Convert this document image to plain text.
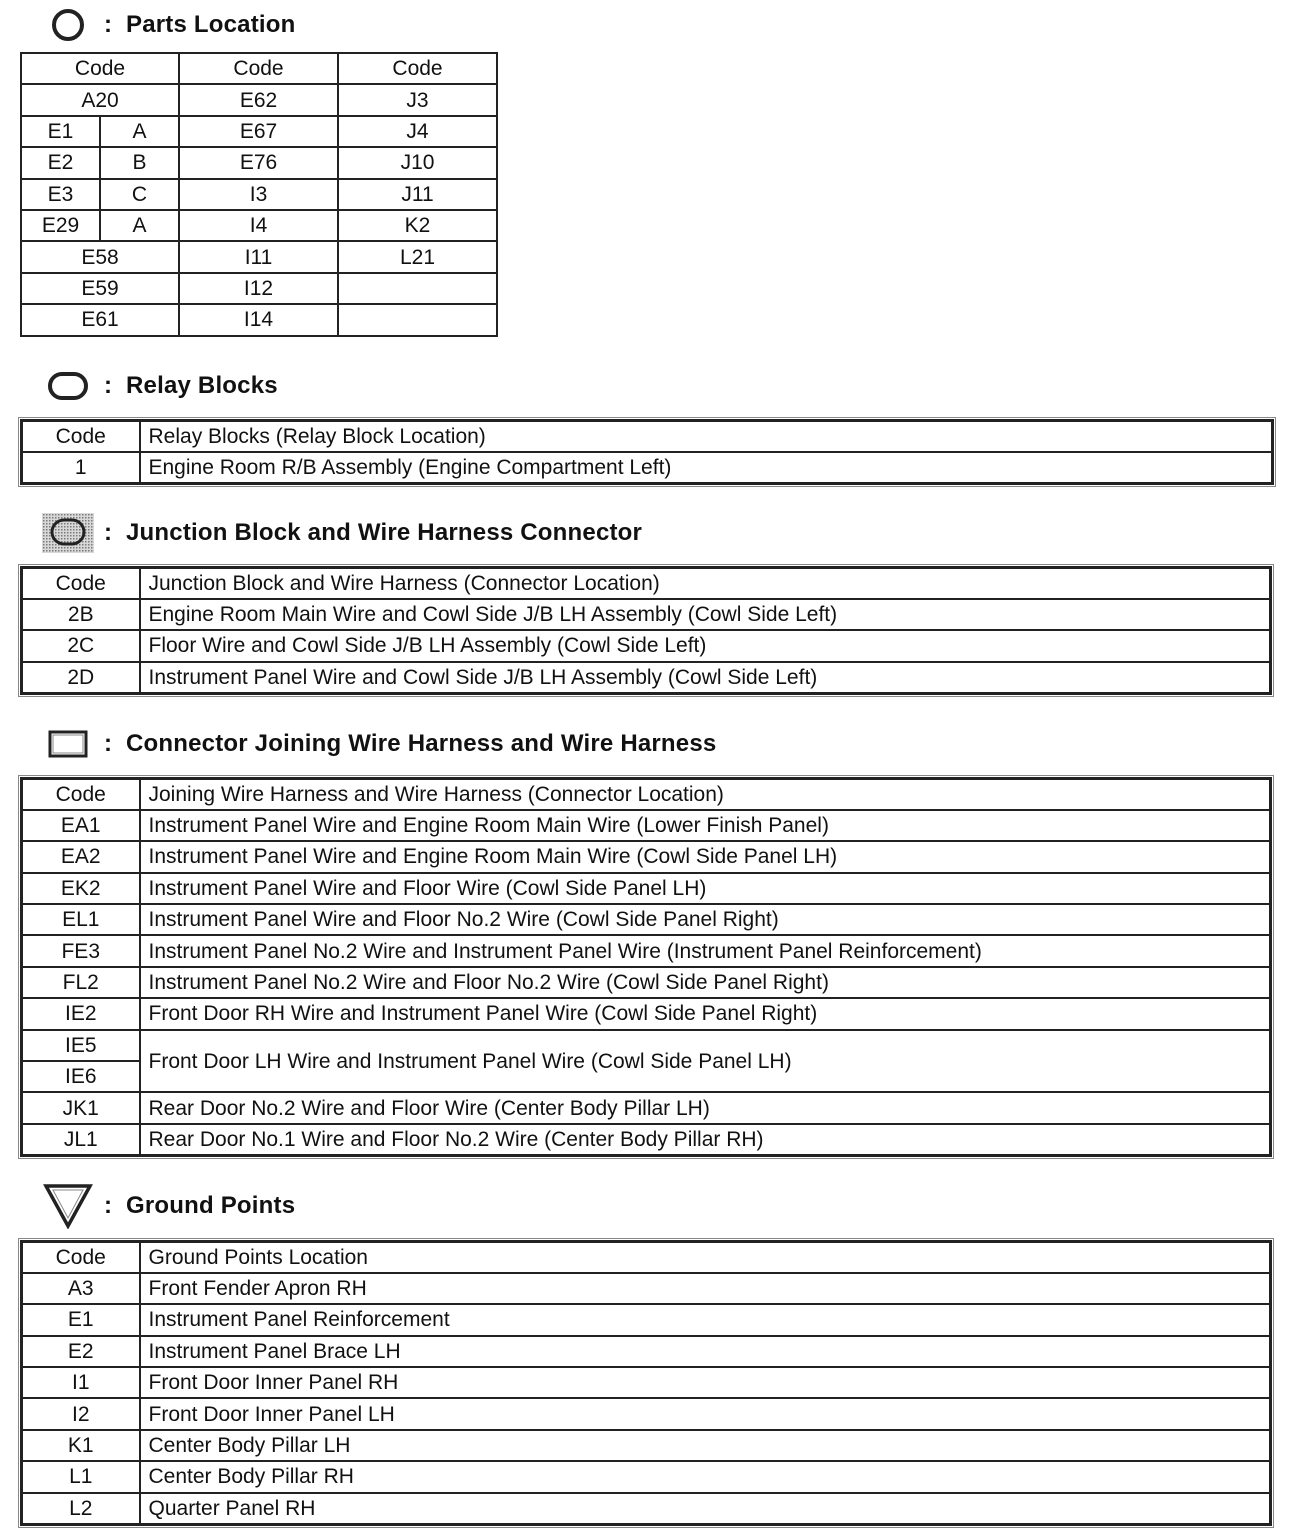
: Parts Location
Code		Code	Code
A20		E62	J3
E1	A	E67	J4
E2	B	E76	J10
E3	C	I3	J11
E29	A	I4	K2
E58		I11	L21
E59		I12	
E61		I14	
: Relay Blocks
Code	Relay Blocks (Relay Block Location)
1	Engine Room R/B Assembly (Engine Compartment Left)
: Junction Block and Wire Harness Connector
Code	Junction Block and Wire Harness (Connector Location)
2B	Engine Room Main Wire and Cowl Side J/B LH Assembly (Cowl Side Left)
2C	Floor Wire and Cowl Side J/B LH Assembly (Cowl Side Left)
2D	Instrument Panel Wire and Cowl Side J/B LH Assembly (Cowl Side Left)
: Connector Joining Wire Harness and Wire Harness
Code	Joining Wire Harness and Wire Harness (Connector Location)
EA1	Instrument Panel Wire and Engine Room Main Wire (Lower Finish Panel)
EA2	Instrument Panel Wire and Engine Room Main Wire (Cowl Side Panel LH)
EK2	Instrument Panel Wire and Floor Wire (Cowl Side Panel LH)
EL1	Instrument Panel Wire and Floor No.2 Wire (Cowl Side Panel Right)
FE3	Instrument Panel No.2 Wire and Instrument Panel Wire (Instrument Panel Reinforcement)
FL2	Instrument Panel No.2 Wire and Floor No.2 Wire (Cowl Side Panel Right)
IE2	Front Door RH Wire and Instrument Panel Wire (Cowl Side Panel Right)
IE5	Front Door LH Wire and Instrument Panel Wire (Cowl Side Panel LH)
IE6	
JK1	Rear Door No.2 Wire and Floor Wire (Center Body Pillar LH)
JL1	Rear Door No.1 Wire and Floor No.2 Wire (Center Body Pillar RH)
: Ground Points
Code	Ground Points Location
A3	Front Fender Apron RH
E1	Instrument Panel Reinforcement
E2	Instrument Panel Brace LH
I1	Front Door Inner Panel RH
I2	Front Door Inner Panel LH
K1	Center Body Pillar LH
L1	Center Body Pillar RH
L2	Quarter Panel RH
